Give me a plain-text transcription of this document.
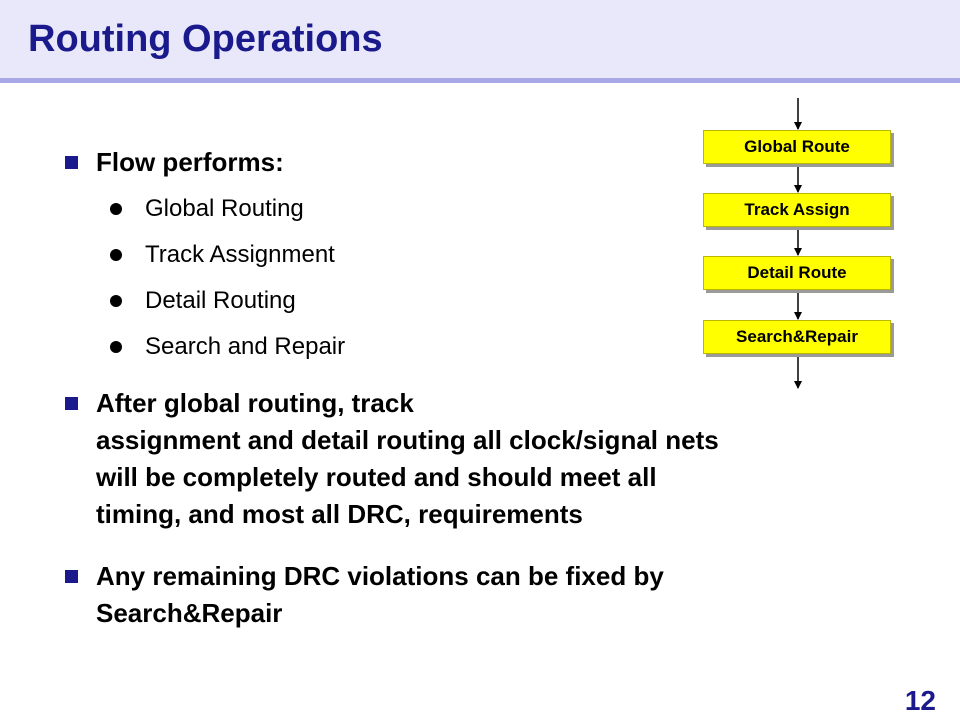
Routing Operations
Flow performs:
Global Routing
Track Assignment
Detail Routing
Search and Repair
After global routing, track
assignment and detail routing all clock/signal nets
will be completely routed and should meet all
timing, and most all DRC, requirements
Any remaining DRC violations can be fixed by
Search&Repair
Global Route
Track Assign
Detail Route
Search&Repair
12
